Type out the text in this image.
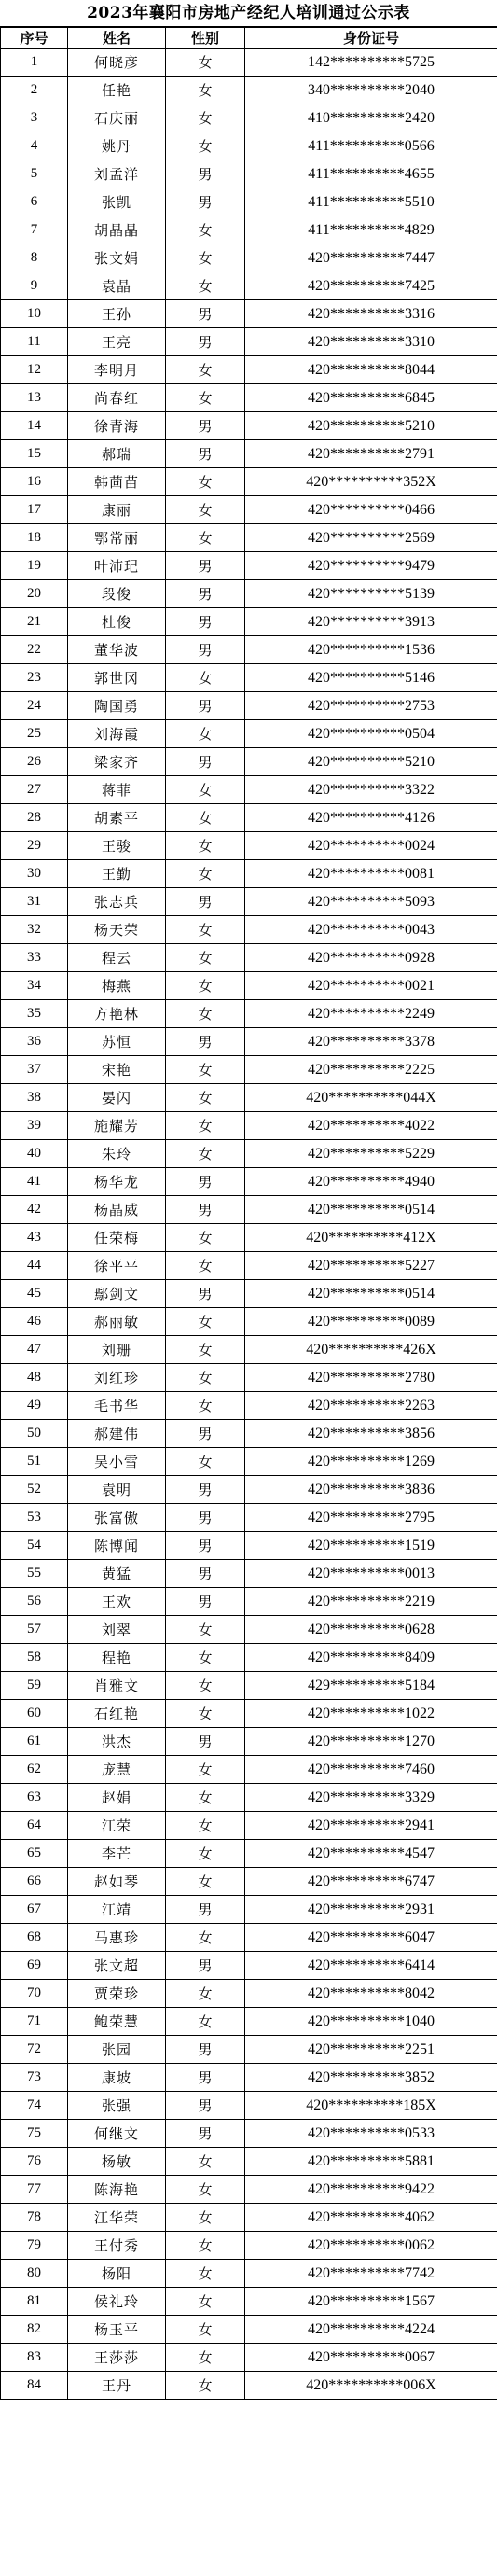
2023年襄阳市房地产经纪人培训通过公示表
序号	姓名	性别	身份证号
1	何晓彦	女	142**********5725
2	任艳	女	340**********2040
3	石庆丽	女	410**********2420
4	姚丹	女	411**********0566
5	刘孟洋	男	411**********4655
6	张凯	男	411**********5510
7	胡晶晶	女	411**********4829
8	张文娟	女	420**********7447
9	袁晶	女	420**********7425
10	王孙	男	420**********3316
11	王亮	男	420**********3310
12	李明月	女	420**********8044
13	尚春红	女	420**********6845
14	徐青海	男	420**********5210
15	郝瑞	男	420**********2791
16	韩茴苗	女	420**********352X
17	康丽	女	420**********0466
18	鄂常丽	女	420**********2569
19	叶沛玘	男	420**********9479
20	段俊	男	420**********5139
21	杜俊	男	420**********3913
22	董华波	男	420**********1536
23	郭世冈	女	420**********5146
24	陶国勇	男	420**********2753
25	刘海霞	女	420**********0504
26	梁家齐	男	420**********5210
27	蒋菲	女	420**********3322
28	胡素平	女	420**********4126
29	王骏	女	420**********0024
30	王勤	女	420**********0081
31	张志兵	男	420**********5093
32	杨天荣	女	420**********0043
33	程云	女	420**********0928
34	梅燕	女	420**********0021
35	方艳林	女	420**********2249
36	苏恒	男	420**********3378
37	宋艳	女	420**********2225
38	晏闪	女	420**********044X
39	施耀芳	女	420**********4022
40	朱玲	女	420**********5229
41	杨华龙	男	420**********4940
42	杨晶威	男	420**********0514
43	任荣梅	女	420**********412X
44	徐平平	女	420**********5227
45	鄢剑文	男	420**********0514
46	郝丽敏	女	420**********0089
47	刘珊	女	420**********426X
48	刘红珍	女	420**********2780
49	毛书华	女	420**********2263
50	郝建伟	男	420**********3856
51	吴小雪	女	420**********1269
52	袁明	男	420**********3836
53	张富傲	男	420**********2795
54	陈博闻	男	420**********1519
55	黄猛	男	420**********0013
56	王欢	男	420**********2219
57	刘翠	女	420**********0628
58	程艳	女	420**********8409
59	肖雅文	女	429**********5184
60	石红艳	女	420**********1022
61	洪杰	男	420**********1270
62	庞慧	女	420**********7460
63	赵娟	女	420**********3329
64	江荣	女	420**********2941
65	李芒	女	420**********4547
66	赵如琴	女	420**********6747
67	江靖	男	420**********2931
68	马惠珍	女	420**********6047
69	张文超	男	420**********6414
70	贾荣珍	女	420**********8042
71	鲍荣慧	女	420**********1040
72	张园	男	420**********2251
73	康坡	男	420**********3852
74	张强	男	420**********185X
75	何继文	男	420**********0533
76	杨敏	女	420**********5881
77	陈海艳	女	420**********9422
78	江华荣	女	420**********4062
79	王付秀	女	420**********0062
80	杨阳	女	420**********7742
81	侯礼玲	女	420**********1567
82	杨玉平	女	420**********4224
83	王莎莎	女	420**********0067
84	王丹	女	420**********006X
